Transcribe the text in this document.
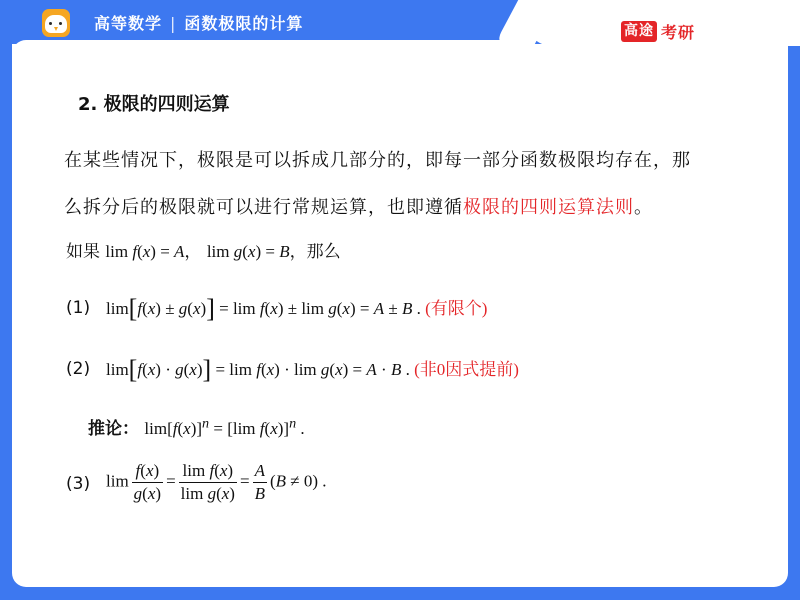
高等数学 | 函数极限的计算	高途 考研
2. 极限的四则运算
在某些情况下，极限是可以拆成几部分的，即每一部分函数极限均存在，那
么拆分后的极限就可以进行常规运算，也即遵循极限的四则运算法则。
如果 lim f(x) = A， lim g(x) = B，那么
(1) lim[f(x) ± g(x)] = lim f(x) ± lim g(x) = A ± B . (有限个)
(2) lim[f(x) · g(x)] = lim f(x) · lim g(x) = A · B . (非0因式提前)
推论： $\lim[f(x)]^n = [\lim$ f(x)]$^n$ .
(3) $\lim \frac{f(x)}{g(x)} = \frac{\text{lim f(x)}}{\text{lim g(x)}} = \frac{A}{B} (B \ne 0)$ .
